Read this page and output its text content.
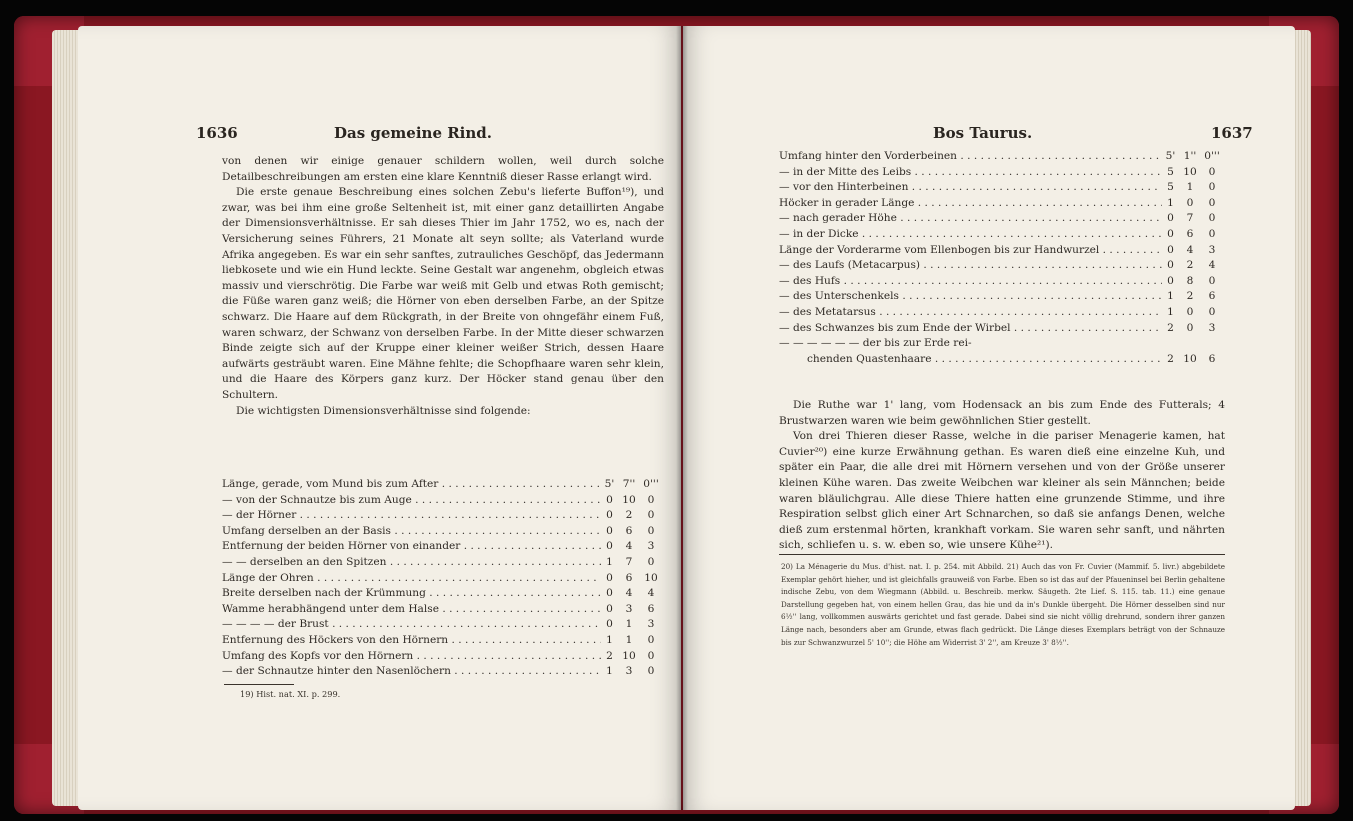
1636	Das gemeine Rind.

von denen wir einige genauer schildern wollen, weil durch solche Detailbeschreibungen am ersten eine klare Kenntniß dieser Rasse erlangt wird.

Die erste genaue Beschreibung eines solchen Zebu's lieferte Buffon¹⁹), und zwar, was bei ihm eine große Seltenheit ist, mit einer ganz detaillirten Angabe der Dimensionsverhältnisse. Er sah dieses Thier im Jahr 1752, wo es, nach der Versicherung seines Führers, 21 Monate alt seyn sollte; als Vaterland wurde Afrika angegeben. Es war ein sehr sanftes, zutrauliches Geschöpf, das Jedermann liebkosete und wie ein Hund leckte. Seine Gestalt war angenehm, obgleich etwas massiv und vierschrötig. Die Farbe war weiß mit Gelb und etwas Roth gemischt; die Füße waren ganz weiß; die Hörner von eben derselben Farbe, an der Spitze schwarz. Die Haare auf dem Rückgrath, in der Breite von ohngefähr einem Fuß, waren schwarz, der Schwanz von derselben Farbe. In der Mitte dieser schwarzen Binde zeigte sich auf der Kruppe einer kleiner weißer Strich, dessen Haare aufwärts gesträubt waren. Eine Mähne fehlte; die Schopfhaare waren sehr klein, und die Haare des Körpers ganz kurz. Der Höcker stand genau über den Schultern.

Die wichtigsten Dimensionsverhältnisse sind folgende:

Länge, gerade, vom Mund bis zum After . . .	5' 7'' 0'''
— von der Schnautze bis zum Auge . . .	0 10	0
— der Hörner . . .	0	2	0
Umfang derselben an der Basis . . .	0	6	0
Entfernung der beiden Hörner von einander . . .	0	4	3
— — derselben an den Spitzen . . .	1	7	0
Länge der Ohren . . .	0	6	10
Breite derselben nach der Krümmung . . .	0	4	4
Wamme herabhängend unter dem Halse . . .	0	3	6
— — — — der Brust . . .	0	1	3
Entfernung des Höckers von den Hörnern . . .	1	1	0
Umfang des Kopfs vor den Hörnern . . .	2 10	0
— der Schnautze hinter den Nasenlöchern . . .	1	3	0

19) Hist. nat. XI. p. 299.

Bos Taurus.	1637
Umfang hinter den Vorderbeinen . . .	5' 1'' 0'''
— in der Mitte des Leibs . . .	5 10	0
— vor den Hinterbeinen . . .	5	1	0
Höcker in gerader Länge . . .	1	0	0
— nach gerader Höhe . . .	0	7	0
— in der Dicke . . .	0	6	0
Länge der Vorderarme vom Ellenbogen bis zur Handwurzel . . .	0	4	3
— des Laufs (Metacarpus) . . .	0	2	4
— des Hufs . . .	0	8	0
— des Unterschenkels . . .	1	2	6
— des Metatarsus . . .	1	0	0
— des Schwanzes bis zum Ende der Wirbel . . .	2	0	3
— — — — — — der bis zur Erde rei-
chenden Quastenhaare . . .	2 10	6

Die Ruthe war 1' lang, vom Hodensack an bis zum Ende des Futterals; 4 Brustwarzen waren wie beim gewöhnlichen Stier gestellt.

Von drei Thieren dieser Rasse, welche in die pariser Menagerie kamen, hat Cuvier²⁰) eine kurze Erwähnung gethan. Es waren dieß eine einzelne Kuh, und später ein Paar, die alle drei mit Hörnern versehen und von der Größe unserer kleinen Kühe waren. Das zweite Weibchen war kleiner als sein Männchen; beide waren bläulichgrau. Alle diese Thiere hatten eine grunzende Stimme, und ihre Respiration selbst glich einer Art Schnarchen, so daß sie anfangs Denen, welche dieß zum erstenmal hörten, krankhaft vorkam. Sie waren sehr sanft, und nährten sich, schliefen u. s. w. eben so, wie unsere Kühe²¹).

20) La Ménagerie du Mus. d'hist. nat. I. p. 254. mit Abbild. 21) Auch das von Fr. Cuvier (Mammif. 5. livr.) abgebildete Exemplar gehört hieher, und ist gleichfalls grauweiß von Farbe. Eben so ist das auf der Pfaueninsel bei Berlin gehaltene indische Zebu, von dem Wiegmann (Abbild. u. Beschreib. merkw. Säugeth. 2te Lief. S. 115. tab. 11.) eine genaue Darstellung gegeben hat, von einem hellen Grau, das hie und da in's Dunkle übergeht. Die Hörner desselben sind nur 6½'' lang, vollkommen auswärts gerichtet und fast gerade. Dabei sind sie nicht völlig drehrund, sondern ihrer ganzen Länge nach, besonders aber am Grunde, etwas flach gedrückt. Die Länge dieses Exemplars beträgt von der Schnauze bis zur Schwanzwurzel 5' 10''; die Höhe am Widerrist 3' 2'', am Kreuze 3' 8½''.
